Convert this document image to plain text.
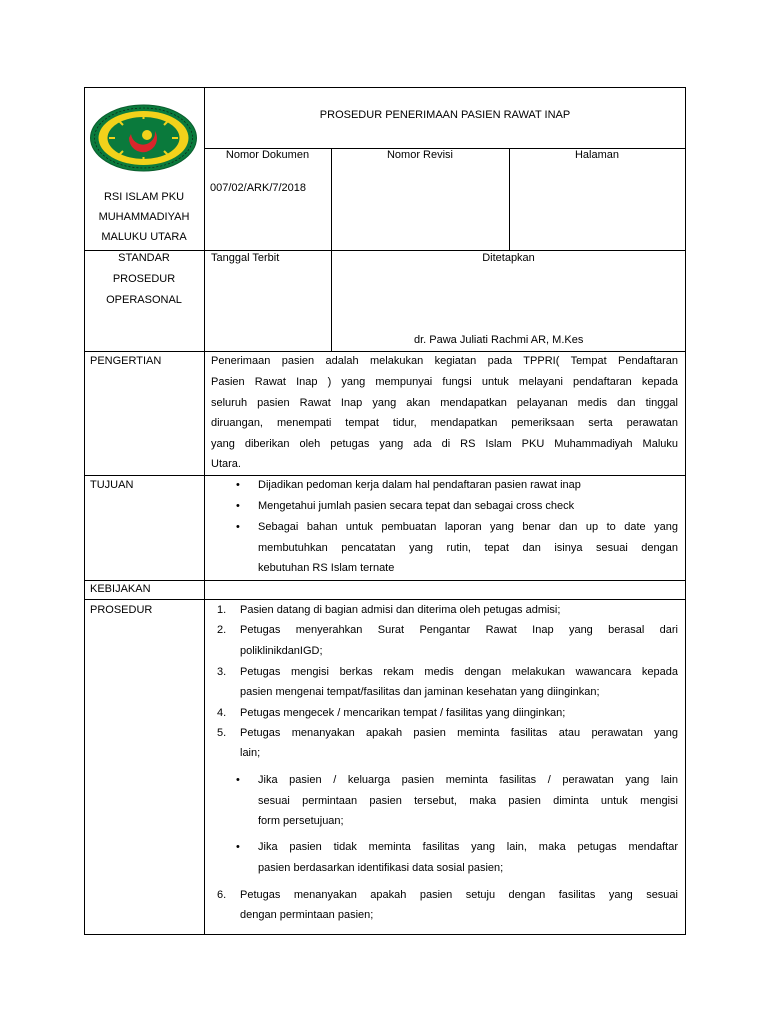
RSI ISLAM PKU
MUHAMMADIYAH
MALUKU UTARA
PROSEDUR PENERIMAAN PASIEN RAWAT INAP
Nomor Dokumen
007/02/ARK/7/2018
Nomor Revisi	Halaman
STANDAR
PROSEDUR
OPERASONAL
Tanggal Terbit	Ditetapkan
dr. Pawa Juliati Rachmi AR, M.Kes
PENGERTIAN	Penerimaan pasien adalah melakukan kegiatan pada TPPRI( Tempat Pendaftaran
Pasien Rawat Inap ) yang mempunyai fungsi untuk melayani pendaftaran kepada
seluruh pasien Rawat Inap yang akan mendapatkan pelayanan medis dan tinggal
diruangan, menempati tempat tidur, mendapatkan pemeriksaan serta perawatan
yang diberikan oleh petugas yang ada di RS Islam PKU Muhammadiyah Maluku
Utara.
TUJUAN
•	Dijadikan pedoman kerja dalam hal pendaftaran pasien rawat inap
• Mengetahui jumlah pasien secara tepat dan sebagai cross check
• Sebagai bahan untuk pembuatan laporan yang benar dan up to date yang
membutuhkan pencatatan yang rutin, tepat dan isinya sesuai dengan
kebutuhan RS Islam ternate
KEBIJAKAN
PROSEDUR	1. Pasien datang di bagian admisi dan diterima oleh petugas admisi;
2. Petugas menyerahkan Surat Pengantar Rawat Inap yang berasal dari
poliklinikdanIGD;
3. Petugas mengisi berkas rekam medis dengan melakukan wawancara kepada
pasien mengenai tempat/fasilitas dan jaminan kesehatan yang diinginkan;
4. Petugas mengecek / mencarikan tempat / fasilitas yang diinginkan;
5. Petugas menanyakan apakah pasien meminta fasilitas atau perawatan yang
lain;
• Jika pasien / keluarga pasien meminta fasilitas / perawatan yang lain
sesuai permintaan pasien tersebut, maka pasien diminta untuk mengisi
form persetujuan;
• Jika pasien tidak meminta fasilitas yang lain, maka petugas mendaftar
pasien berdasarkan identifikasi data sosial pasien;
6. Petugas menanyakan apakah pasien setuju dengan fasilitas yang sesuai
dengan permintaan pasien;
